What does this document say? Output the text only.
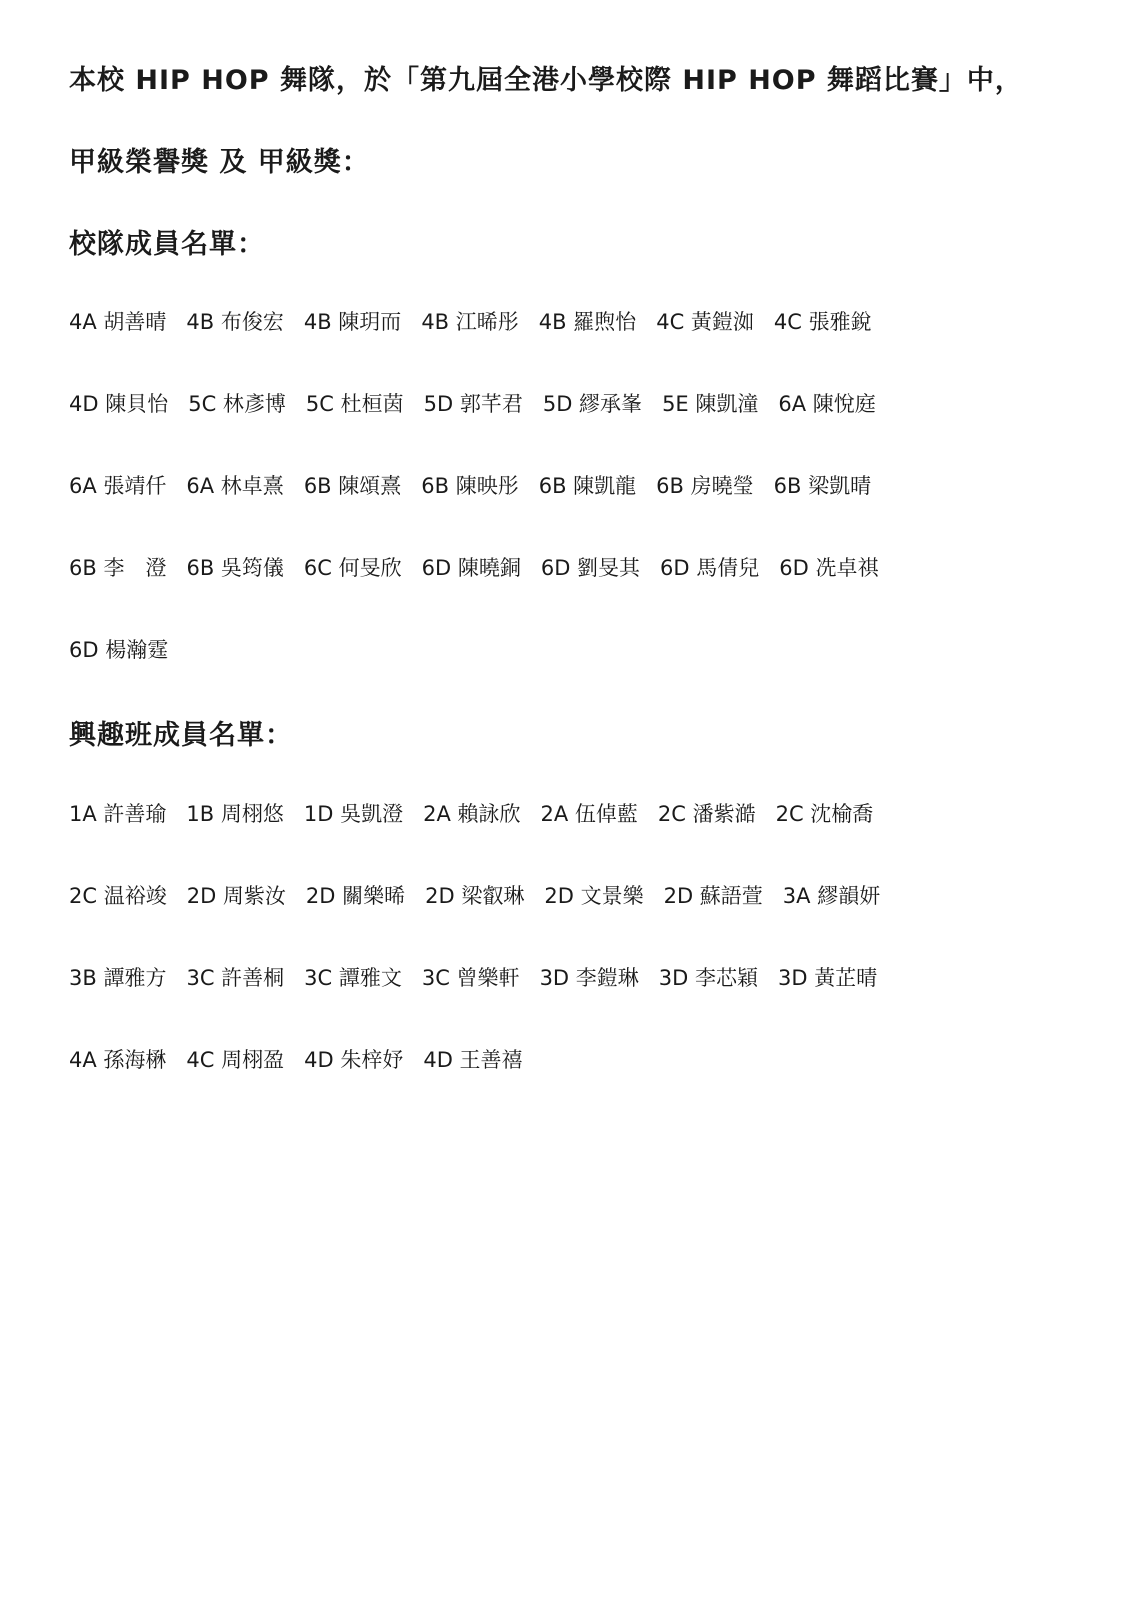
本校 HIP HOP 舞隊，於「第九屆全港小學校際 HIP HOP 舞蹈比賽」中，

甲級榮譽獎 及 甲級獎：

校隊成員名單：

4A 胡善晴 4B 布俊宏 4B 陳玥而 4B 江晞彤 4B 羅煦怡 4C 黃鎧洳 4C 張雅銳
4D 陳貝怡 5C 林彥博 5C 杜桓茵 5D 郭芊君 5D 繆承峯 5E 陳凱潼 6A 陳悅庭
6A 張靖仟 6A 林卓熹 6B 陳頌熹 6B 陳映彤 6B 陳凱龍 6B 房曉瑩 6B 梁凱晴
6B 李　澄 6B 吳筠儀 6C 何旻欣 6D 陳曉銅 6D 劉旻其 6D 馬倩兒 6D 冼卓祺
6D 楊瀚霆

興趣班成員名單：

1A 許善瑜 1B 周栩悠 1D 吳凱澄 2A 賴詠欣 2A 伍倬藍 2C 潘紫澔 2C 沈榆喬
2C 温裕竣 2D 周紫汝 2D 關樂晞 2D 梁叡琳 2D 文景樂 2D 蘇語萱 3A 繆韻妍
3B 譚雅方 3C 許善桐 3C 譚雅文 3C 曾樂軒 3D 李鎧琳 3D 李芯穎 3D 黃芷晴
4A 孫海楙 4C 周栩盈 4D 朱梓妤 4D 王善禧
